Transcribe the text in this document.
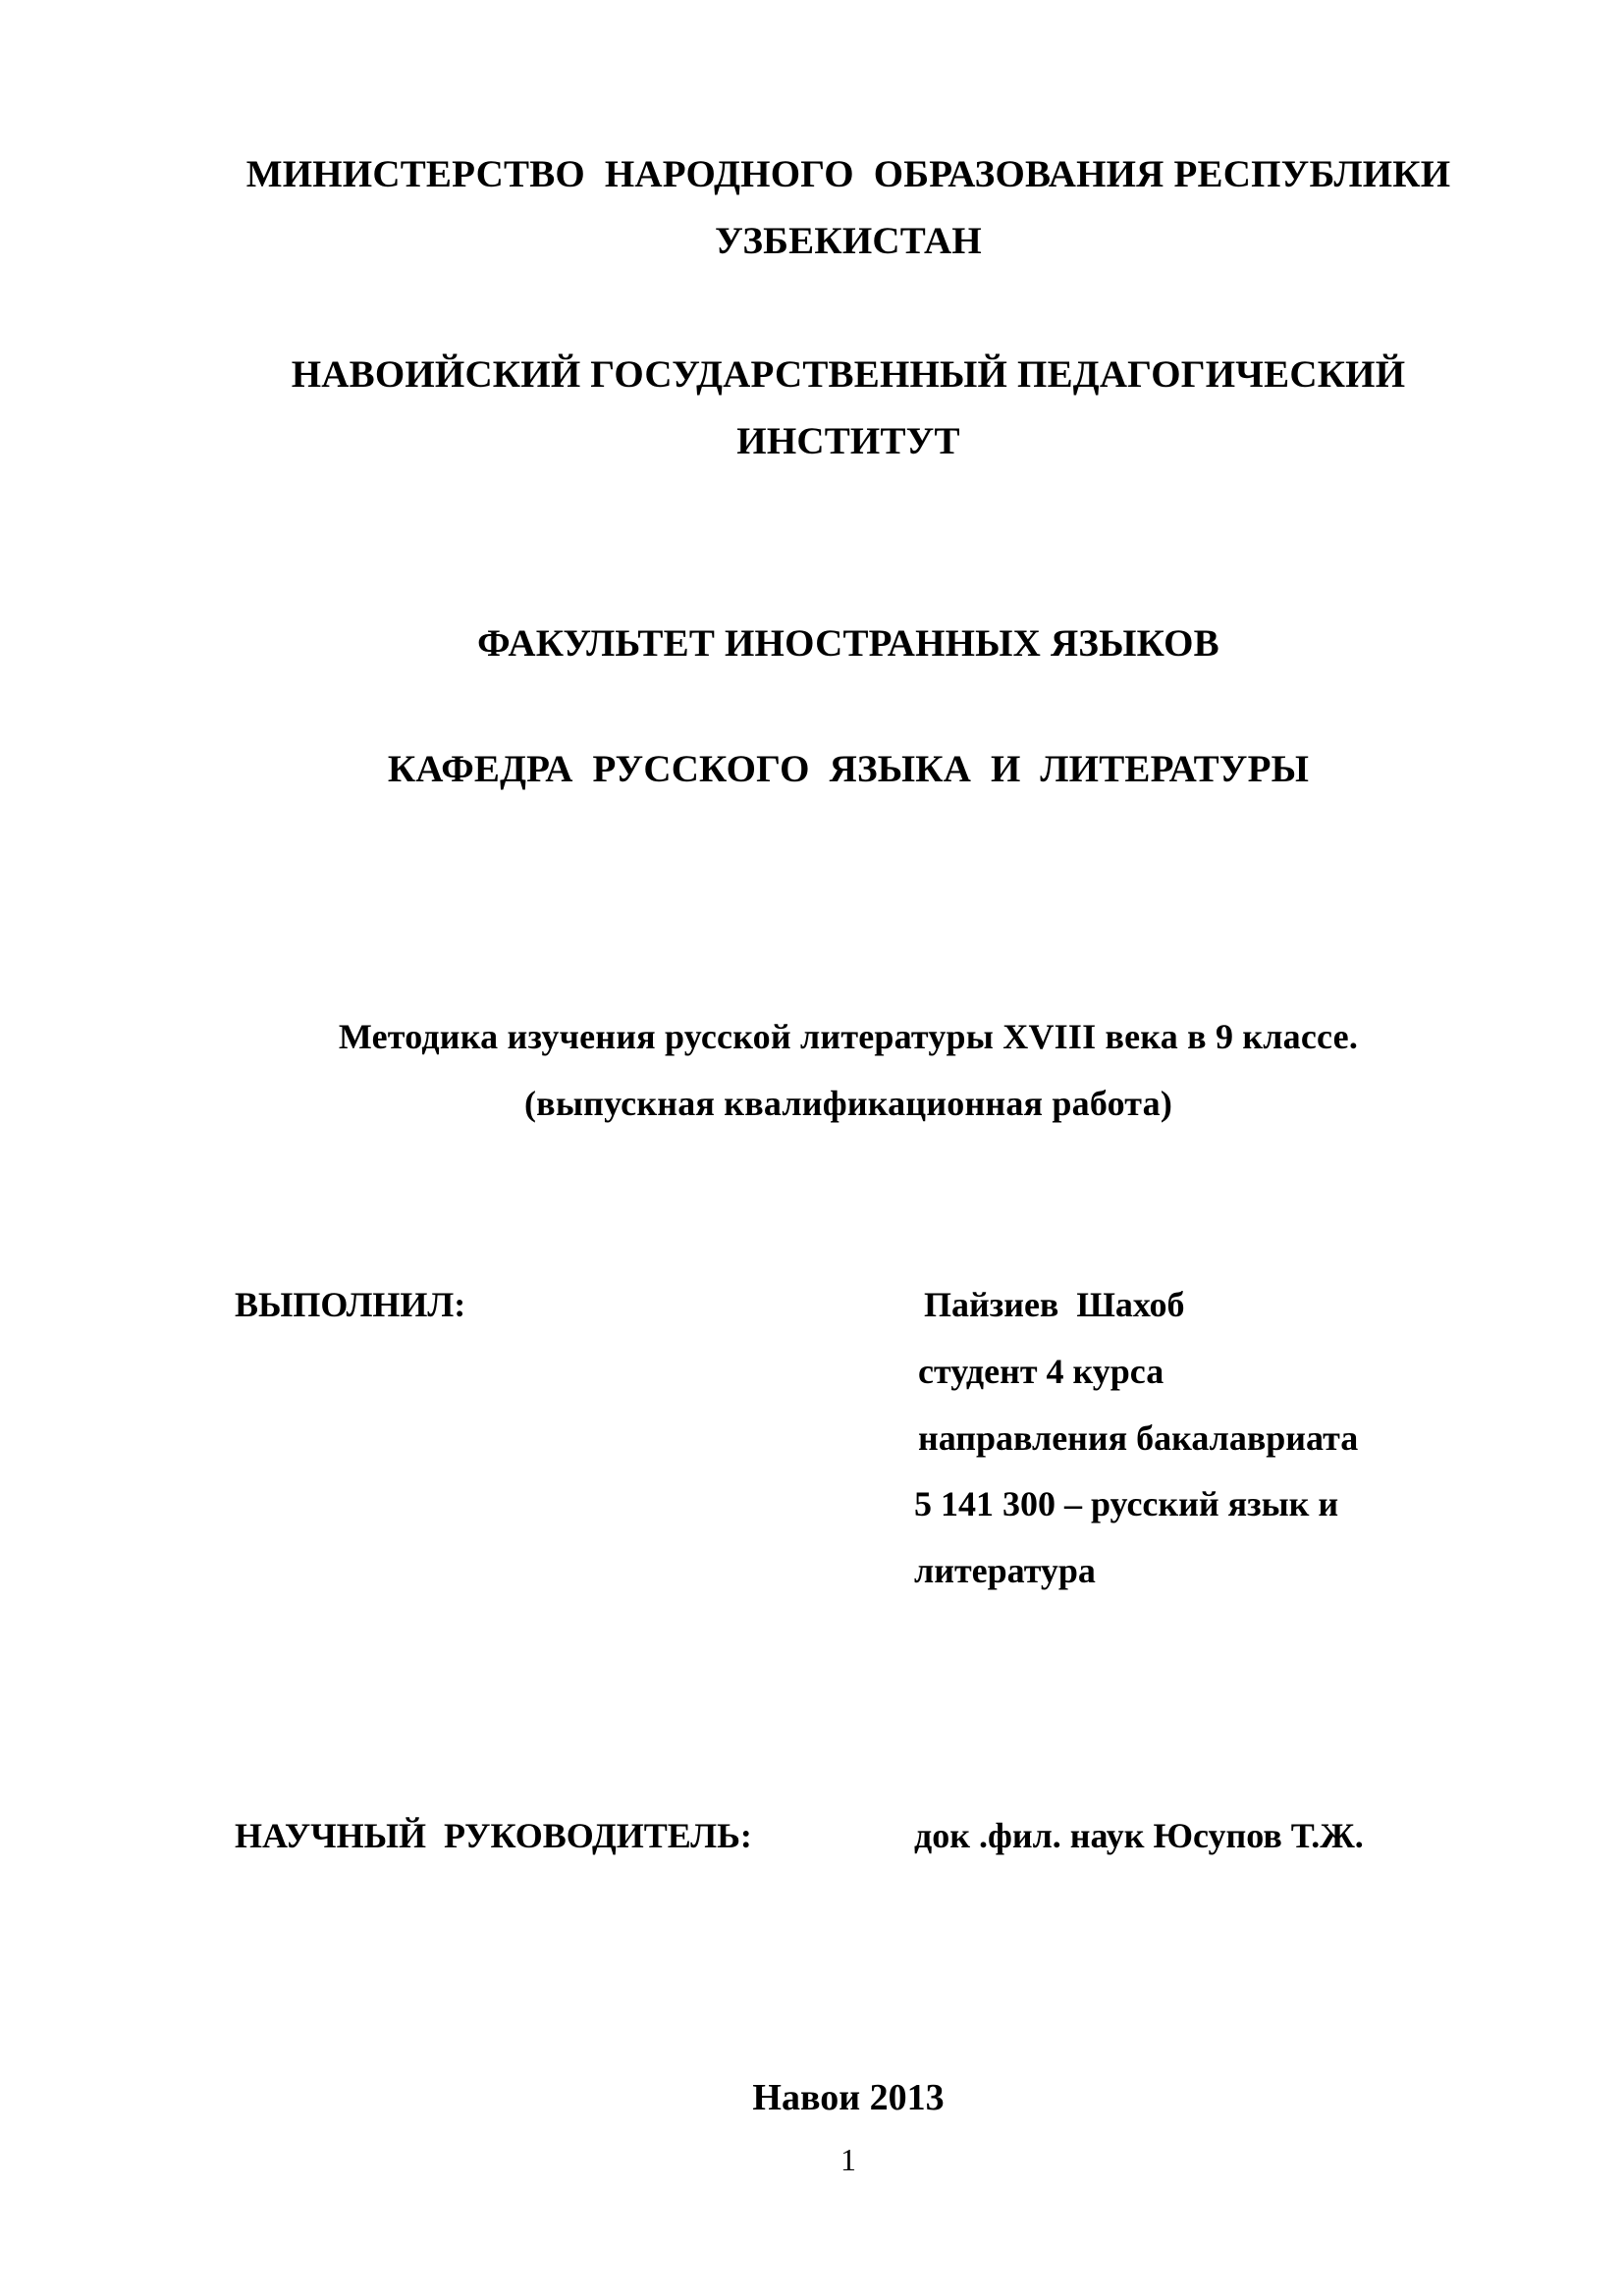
МИНИСТЕРСТВО  НАРОДНОГО  ОБРАЗОВАНИЯ РЕСПУБЛИКИ
УЗБЕКИСТАН
НАВОИЙСКИЙ ГОСУДАРСТВЕННЫЙ ПЕДАГОГИЧЕСКИЙ
ИНСТИТУТ
ФАКУЛЬТЕТ ИНОСТРАННЫХ ЯЗЫКОВ
КАФЕДРА  РУССКОГО  ЯЗЫКА  И  ЛИТЕРАТУРЫ
Методика изучения русской литературы XVIII века в 9 классе.
(выпускная квалификационная работа)
ВЫПОЛНИЛ:	Пайзиев  Шахоб
студент 4 курса
направления бакалавриата
5 141 300 – русский язык и
литература
НАУЧНЫЙ  РУКОВОДИТЕЛЬ:	док .фил. наук Юсупов Т.Ж.
Навои 2013
1
